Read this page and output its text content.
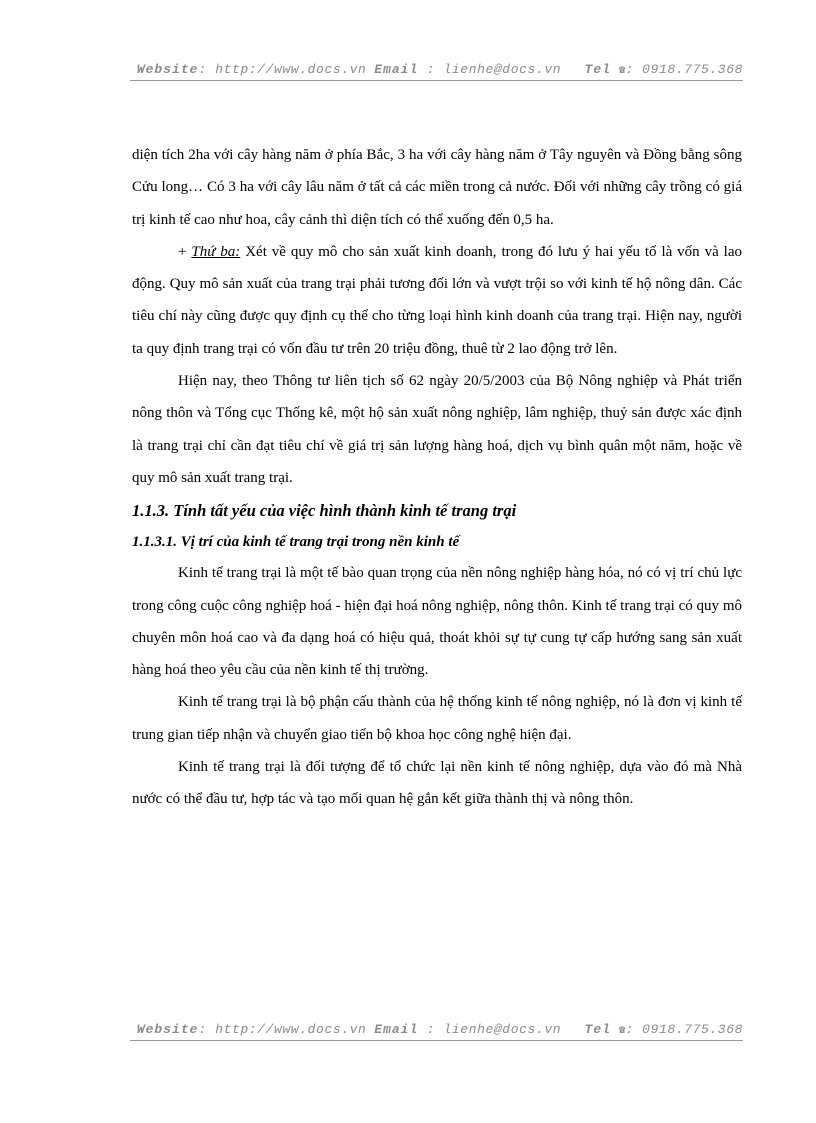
Website: http://www.docs.vn Email : lienhe@docs.vn Tel ☎: 0918.775.368

diện tích 2ha với cây hàng năm ở phía Bắc, 3 ha với cây hàng năm ở Tây nguyên và Đồng bằng sông Cửu long… Có 3 ha với cây lâu năm ở tất cả các miền trong cả nước. Đối với những cây trồng có giá trị kinh tế cao như hoa, cây cảnh thì diện tích có thể xuống đến 0,5 ha.

+ Thứ ba: Xét về quy mô cho sản xuất kinh doanh, trong đó lưu ý hai yếu tố là vốn và lao động. Quy mô sản xuất của trang trại phải tương đối lớn và vượt trội so với kinh tế hộ nông dân. Các tiêu chí này cũng được quy định cụ thể cho từng loại hình kinh doanh của trang trại. Hiện nay, người ta quy định trang trại có vốn đầu tư trên 20 triệu đồng, thuê từ 2 lao động trở lên.

Hiện nay, theo Thông tư liên tịch số 62 ngày 20/5/2003 của Bộ Nông nghiệp và Phát triển nông thôn và Tổng cục Thống kê, một hộ sản xuất nông nghiệp, lâm nghiệp, thuỷ sản được xác định là trang trại chỉ cần đạt tiêu chí về giá trị sản lượng hàng hoá, dịch vụ bình quân một năm, hoặc về quy mô sản xuất trang trại.

1.1.3. Tính tất yếu của việc hình thành kinh tế trang trại
1.1.3.1. Vị trí của kinh tế trang trại trong nền kinh tế

Kinh tế trang trại là một tế bào quan trọng của nền nông nghiệp hàng hóa, nó có vị trí chủ lực trong công cuộc công nghiệp hoá - hiện đại hoá nông nghiệp, nông thôn. Kinh tế trang trại có quy mô chuyên môn hoá cao và đa dạng hoá có hiệu quả, thoát khỏi sự tự cung tự cấp hướng sang sản xuất hàng hoá theo yêu cầu của nền kinh tế thị trường.

Kinh tế trang trại là bộ phận cấu thành của hệ thống kinh tế nông nghiệp, nó là đơn vị kinh tế trung gian tiếp nhận và chuyển giao tiến bộ khoa học công nghệ hiện đại.

Kinh tế trang trại là đối tượng để tổ chức lại nền kinh tế nông nghiệp, dựa vào đó mà Nhà nước có thể đầu tư, hợp tác và tạo mối quan hệ gắn kết giữa thành thị và nông thôn.

Website: http://www.docs.vn Email : lienhe@docs.vn Tel ☎: 0918.775.368
